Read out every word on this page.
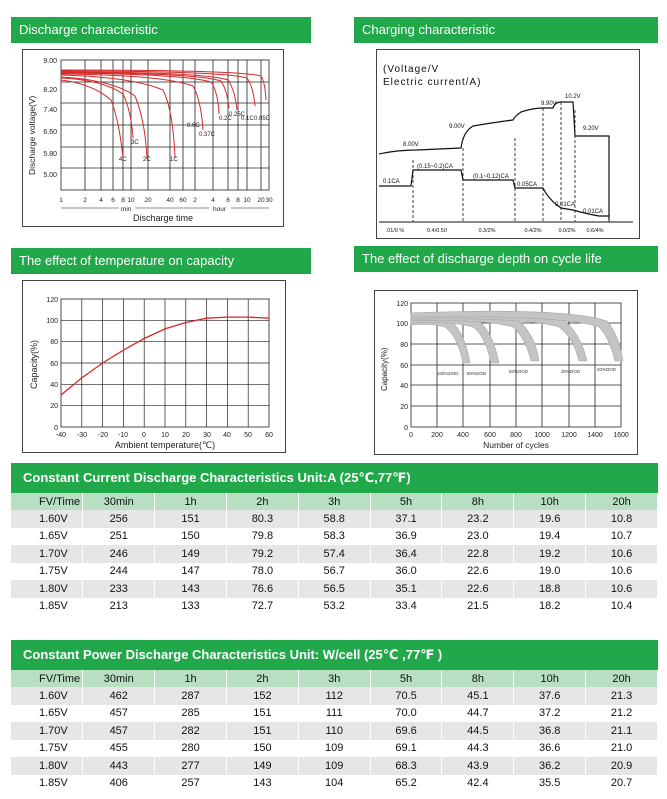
Discharge characteristic	Charging characteristic
The effect of temperature on capacity	The effect of discharge depth on cycle life
9.00
8.20
7.40
6.60
5.80
5.00
Discharge voltage(V)
1	2 4 6 8 10 20 40 60 2 4 6 8 10 20 30
min	hour
Discharge time
4C	2C	1C
0.6C
0.37C
0.2C 0.1C 0.05C
3C
0.25C
(Voltage/V
Electric current/A)
8.00V
9.00V
9.90V
10.2V
9.20V
0.1CA
(0.15~0.2)CA
(0.1~0.12)CA
0.05CA
0.01CA
0.01CA
.01/0 %	0.4/0.50	0.3/2%	0.4/2%	0.0/2% 0.6/4%
120
100
80
60
40
20
0
Capacity(%)
-40 -30 -20 -10 0 10 20 30 40 50 60
Ambient temperature(℃)
100%DOD 80%DOD	50%DOD	30%DOD	20%DOD
120
100
80
60
40
20
0
Capacity(%)
0	200 400 600 800 1000 1200 1400 1600
Number of cycles
Constant Current Discharge Characteristics Unit:A (25℃,77℉)
FV/Time	30min	1h	2h	3h	5h	8h	10h	20h
1.60V	256	151	80.3	58.8	37.1	23.2	19.6	10.8
1.65V	251	150	79.8	58.3	36.9	23.0	19.4	10.7
1.70V	246	149	79.2	57.4	36.4	22.8	19.2	10.6
1.75V	244	147	78.0	56.7	36.0	22.6	19.0	10.6
1.80V	233	143	76.6	56.5	35.1	22.6	18.8	10.6
1.85V	213	133	72.7	53.2	33.4	21.5	18.2	10.4
Constant Power Discharge Characteristics Unit: W/cell (25℃ ,77℉ )
FV/Time	30min	1h	2h	3h	5h	8h	10h	20h
1.60V	462	287	152	112	70.5	45.1	37.6	21.3
1.65V	457	285	151	111	70.0	44.7	37.2	21.2
1.70V	457	282	151	110	69.6	44.5	36.8	21.1
1.75V	455	280	150	109	69.1	44.3	36.6	21.0
1.80V	443	277	149	109	68.3	43.9	36.2	20.9
1.85V	406	257	143	104	65.2	42.4	35.5	20.7
